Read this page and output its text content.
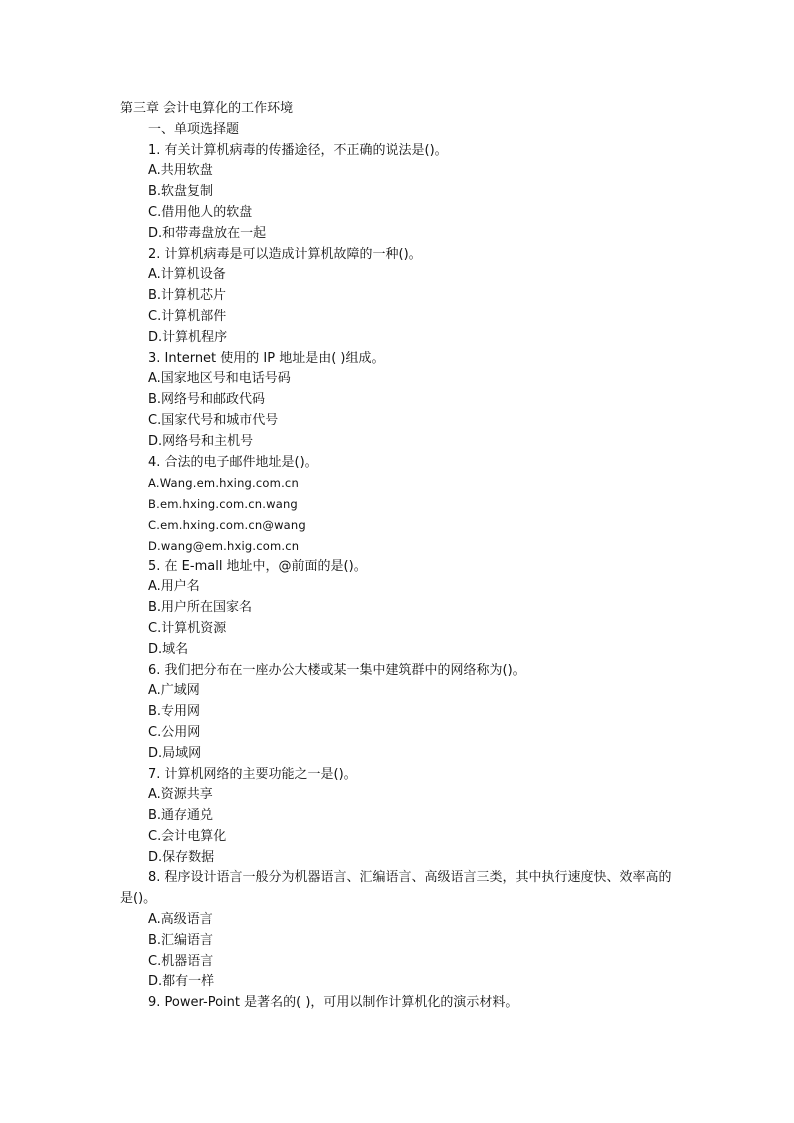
第三章 会计电算化的工作环境
一、单项选择题
1. 有关计算机病毒的传播途径，不正确的说法是()。
A.共用软盘
B.软盘复制
C.借用他人的软盘
D.和带毒盘放在一起
2. 计算机病毒是可以造成计算机故障的一种()。
A.计算机设备
B.计算机芯片
C.计算机部件
D.计算机程序
3. Internet 使用的 IP 地址是由( )组成。
A.国家地区号和电话号码
B.网络号和邮政代码
C.国家代号和城市代号
D.网络号和主机号
4. 合法的电子邮件地址是()。
A.Wang.em.hxing.com.cn
B.em.hxing.com.cn.wang
C.em.hxing.com.cn@wang
D.wang@em.hxig.com.cn
5. 在 E-mall 地址中，@前面的是()。
A.用户名
B.用户所在国家名
C.计算机资源
D.域名
6. 我们把分布在一座办公大楼或某一集中建筑群中的网络称为()。
A.广域网
B.专用网
C.公用网
D.局域网
7. 计算机网络的主要功能之一是()。
A.资源共享
B.通存通兑
C.会计电算化
D.保存数据
8. 程序设计语言一般分为机器语言、汇编语言、高级语言三类，其中执行速度快、效率高的是()。
A.高级语言
B.汇编语言
C.机器语言
D.都有一样
9. Power-Point 是著名的( )，可用以制作计算机化的演示材料。
